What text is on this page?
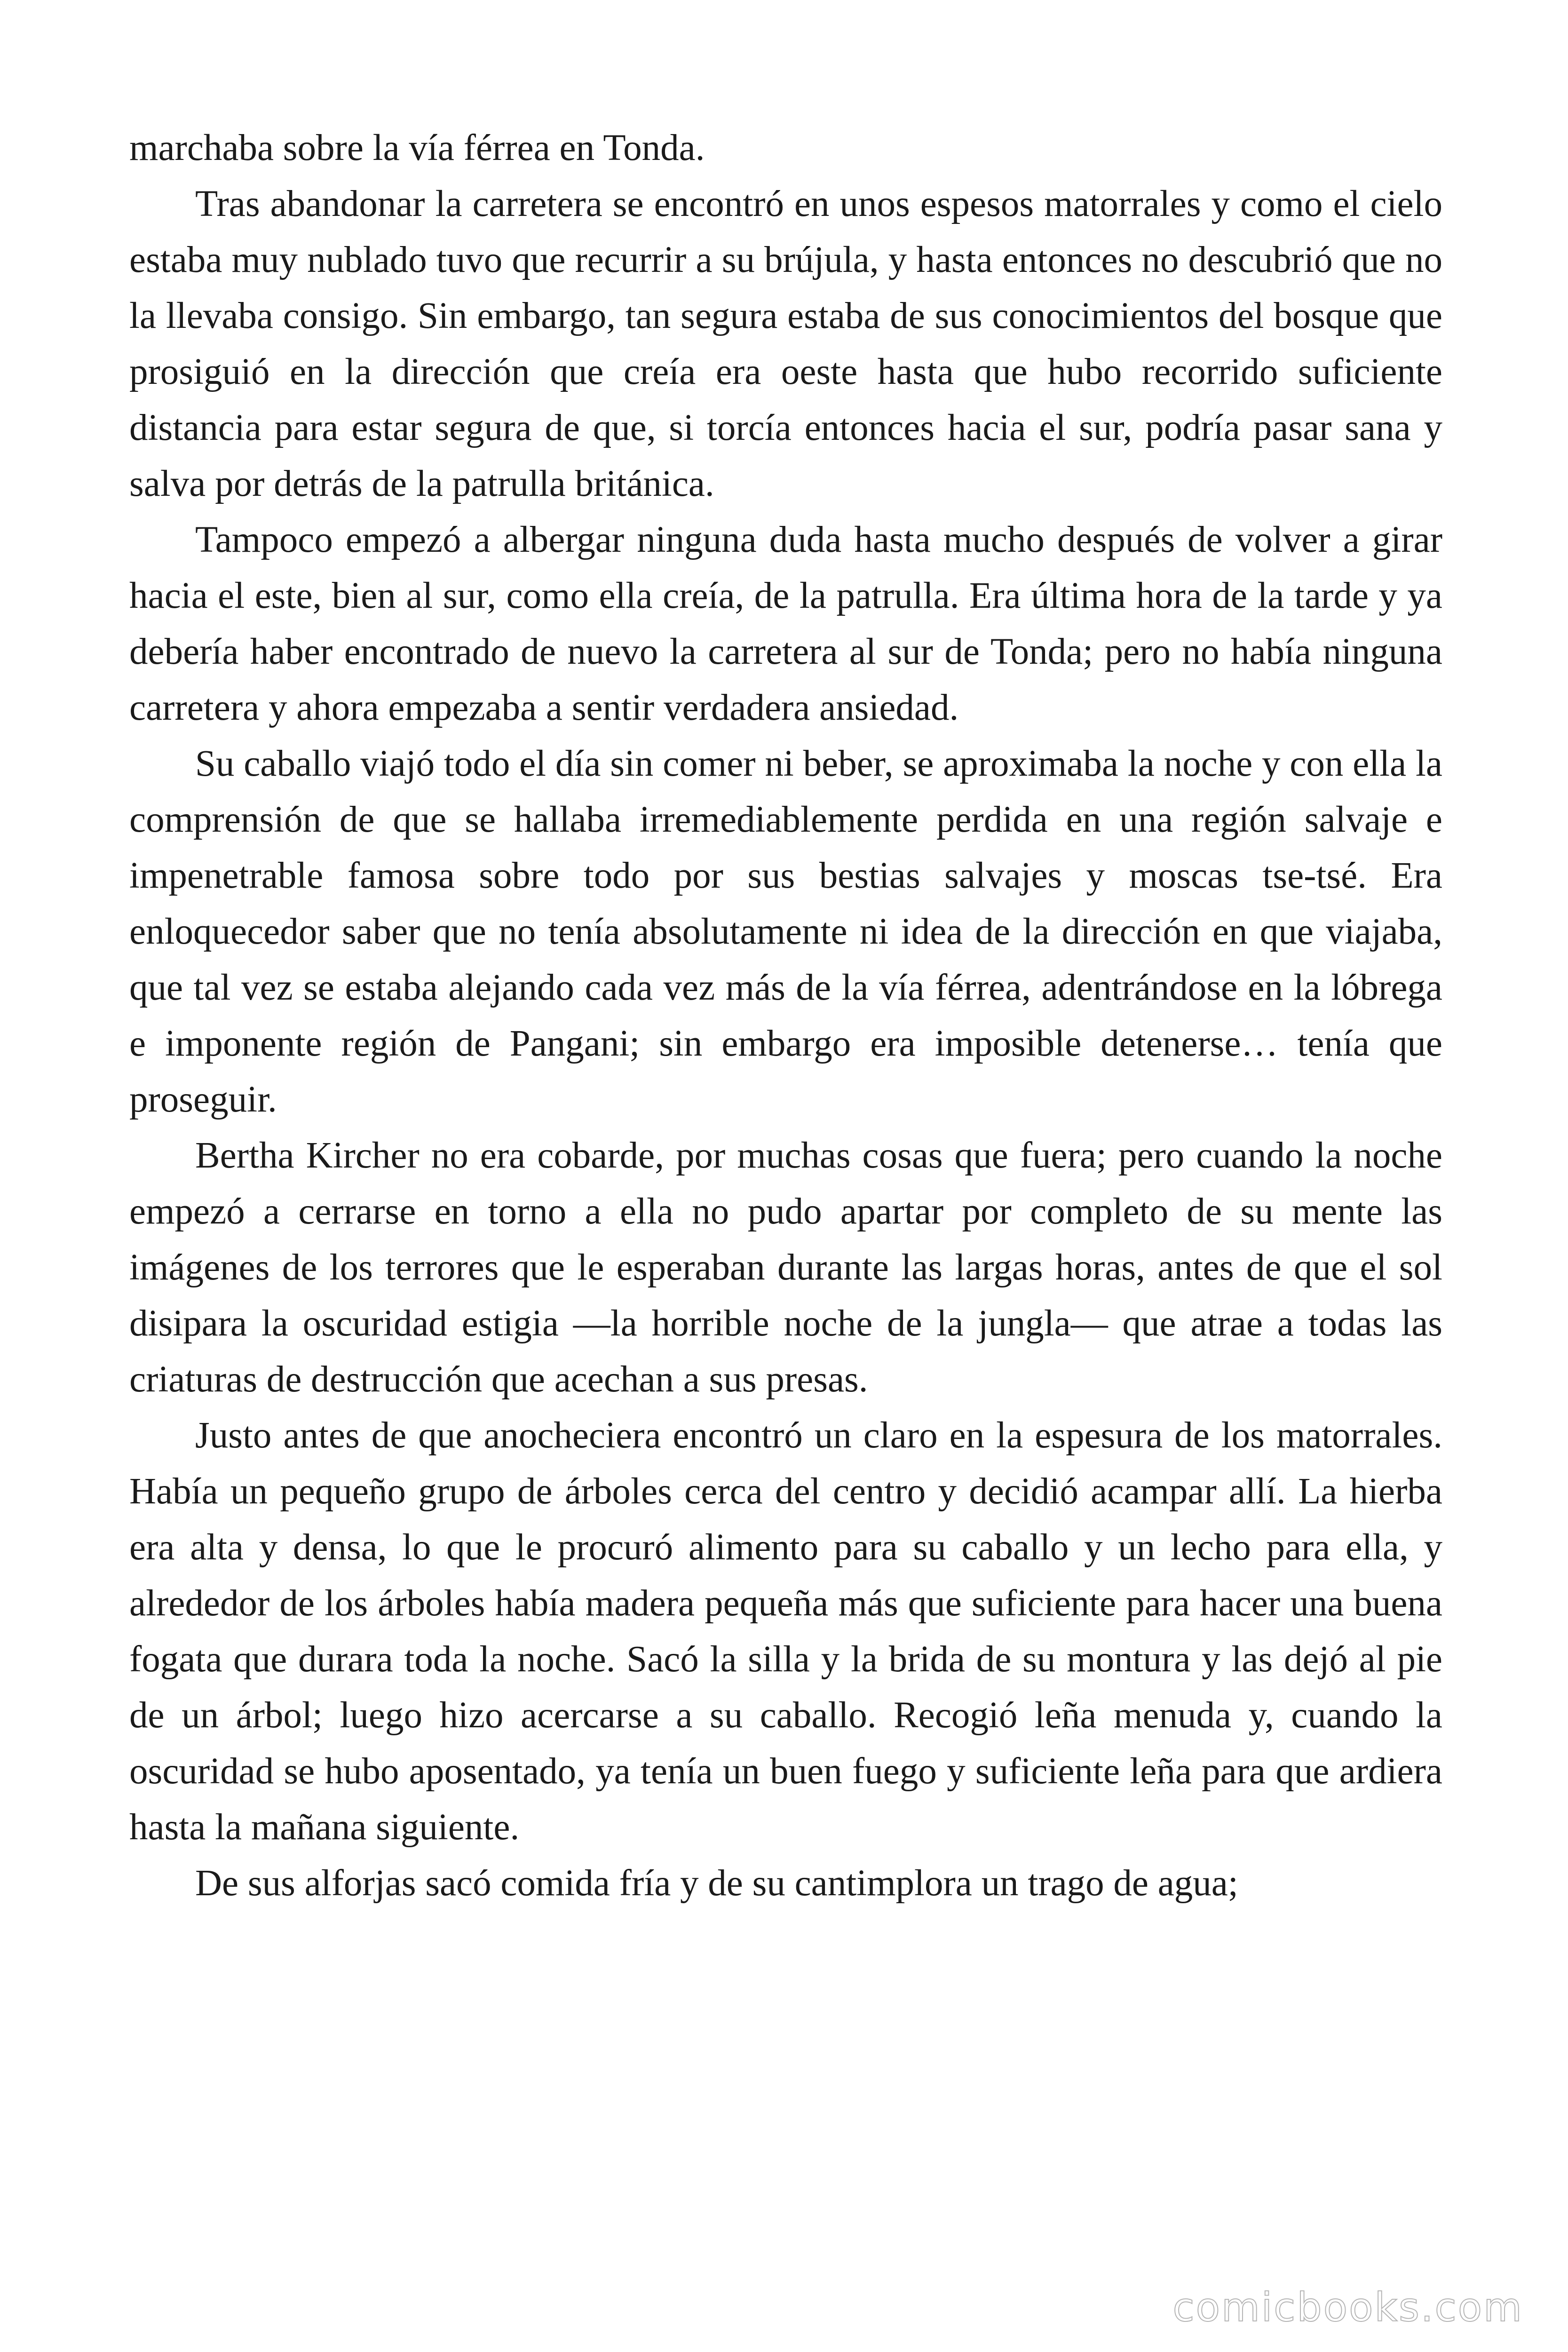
marchaba sobre la vía férrea en Tonda.

Tras abandonar la carretera se encontró en unos espesos matorrales y como el cielo estaba muy nublado tuvo que recurrir a su brújula, y hasta entonces no descubrió que no la llevaba consigo. Sin embargo, tan segura estaba de sus conocimientos del bosque que prosiguió en la dirección que creía era oeste hasta que hubo recorrido suficiente distancia para estar segura de que, si torcía entonces hacia el sur, podría pasar sana y salva por detrás de la patrulla británica.

Tampoco empezó a albergar ninguna duda hasta mucho después de volver a girar hacia el este, bien al sur, como ella creía, de la patrulla. Era última hora de la tarde y ya debería haber encontrado de nuevo la carretera al sur de Tonda; pero no había ninguna carretera y ahora empezaba a sentir verdadera ansiedad.

Su caballo viajó todo el día sin comer ni beber, se aproximaba la noche y con ella la comprensión de que se hallaba irremediablemente perdida en una región salvaje e impenetrable famosa sobre todo por sus bestias salvajes y moscas tse-tsé. Era enloquecedor saber que no tenía absolutamente ni idea de la dirección en que viajaba, que tal vez se estaba alejando cada vez más de la vía férrea, adentrándose en la lóbrega e imponente región de Pangani; sin embargo era imposible detenerse… tenía que proseguir.

Bertha Kircher no era cobarde, por muchas cosas que fuera; pero cuando la noche empezó a cerrarse en torno a ella no pudo apartar por completo de su mente las imágenes de los terrores que le esperaban durante las largas horas, antes de que el sol disipara la oscuridad estigia —la horrible noche de la jungla— que atrae a todas las criaturas de destrucción que acechan a sus presas.

Justo antes de que anocheciera encontró un claro en la espesura de los matorrales. Había un pequeño grupo de árboles cerca del centro y decidió acampar allí. La hierba era alta y densa, lo que le procuró alimento para su caballo y un lecho para ella, y alrededor de los árboles había madera pequeña más que suficiente para hacer una buena fogata que durara toda la noche. Sacó la silla y la brida de su montura y las dejó al pie de un árbol; luego hizo acercarse a su caballo. Recogió leña menuda y, cuando la oscuridad se hubo aposentado, ya tenía un buen fuego y suficiente leña para que ardiera hasta la mañana siguiente.

De sus alforjas sacó comida fría y de su cantimplora un trago de agua;

comicbooks.com
